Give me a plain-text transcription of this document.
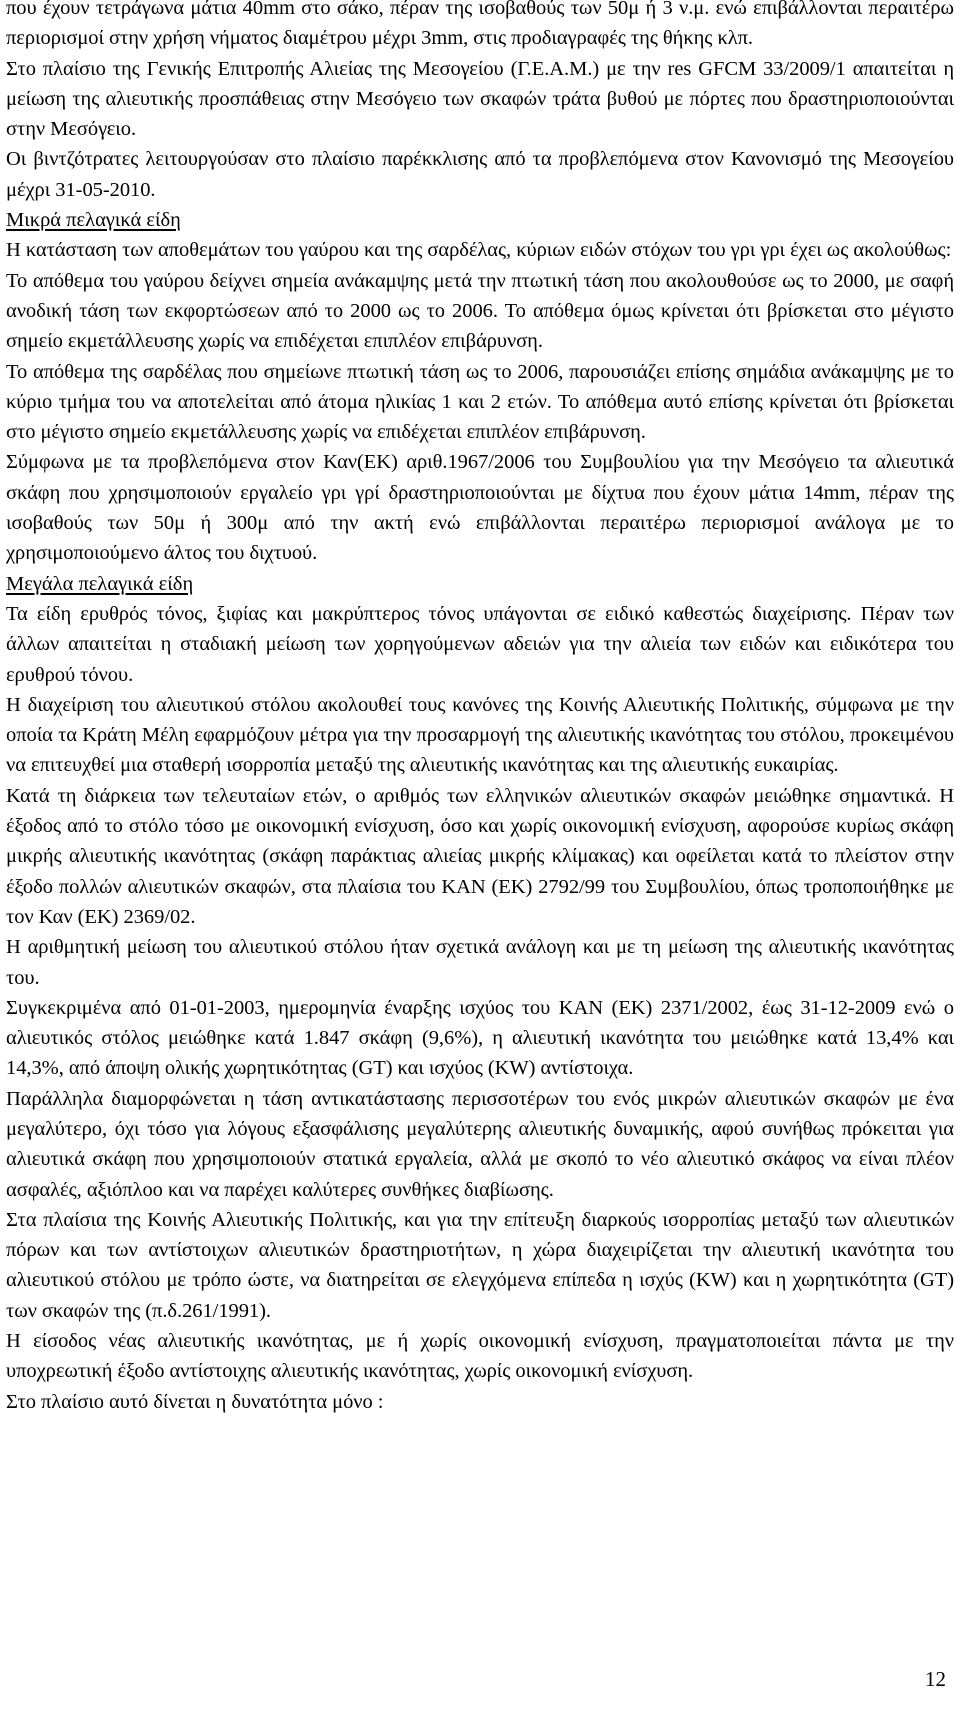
που έχουν τετράγωνα μάτια 40mm στο σάκο, πέραν της ισοβαθούς των 50μ ή 3 ν.μ. ενώ επιβάλλονται περαιτέρω περιορισμοί στην χρήση νήματος διαμέτρου μέχρι 3mm, στις προδιαγραφές της θήκης κλπ.

Στο πλαίσιο της Γενικής Επιτροπής Αλιείας της Μεσογείου (Γ.Ε.Α.Μ.) με την res GFCM 33/2009/1 απαιτείται η μείωση της αλιευτικής προσπάθειας στην Μεσόγειο των σκαφών τράτα βυθού με πόρτες που δραστηριοποιούνται στην Μεσόγειο.

Οι βιντζότρατες λειτουργούσαν στο πλαίσιο παρέκκλισης από τα προβλεπόμενα στον Κανονισμό της Μεσογείου μέχρι 31-05-2010.

Μικρά πελαγικά είδη

Η κατάσταση των αποθεμάτων του γαύρου και της σαρδέλας, κύριων ειδών στόχων του γρι γρι έχει ως ακολούθως:

Το απόθεμα του γαύρου δείχνει σημεία ανάκαμψης μετά την πτωτική τάση που ακολουθούσε ως το 2000, με σαφή ανοδική τάση των εκφορτώσεων από το 2000 ως το 2006. Το απόθεμα όμως κρίνεται ότι βρίσκεται στο μέγιστο σημείο εκμετάλλευσης χωρίς να επιδέχεται επιπλέον επιβάρυνση.

Το απόθεμα της σαρδέλας που σημείωνε πτωτική τάση ως το 2006, παρουσιάζει επίσης σημάδια ανάκαμψης με το κύριο τμήμα του να αποτελείται από άτομα ηλικίας 1 και 2 ετών. Το απόθεμα αυτό επίσης κρίνεται ότι βρίσκεται στο μέγιστο σημείο εκμετάλλευσης χωρίς να επιδέχεται επιπλέον επιβάρυνση.

Σύμφωνα με τα προβλεπόμενα στον Καν(ΕΚ) αριθ.1967/2006 του Συμβουλίου για την Μεσόγειο τα αλιευτικά σκάφη που χρησιμοποιούν εργαλείο γρι γρί δραστηριοποιούνται με δίχτυα που έχουν μάτια 14mm, πέραν της ισοβαθούς των 50μ ή 300μ από την ακτή ενώ επιβάλλονται περαιτέρω περιορισμοί ανάλογα με το χρησιμοποιούμενο άλτος του διχτυού.

Μεγάλα πελαγικά είδη

Τα είδη ερυθρός τόνος, ξιφίας και μακρύπτερος τόνος υπάγονται σε ειδικό καθεστώς διαχείρισης. Πέραν των άλλων απαιτείται η σταδιακή μείωση των χορηγούμενων αδειών για την αλιεία των ειδών και ειδικότερα του ερυθρού τόνου.

Η διαχείριση του αλιευτικού στόλου ακολουθεί τους κανόνες της Κοινής Αλιευτικής Πολιτικής, σύμφωνα με την οποία τα Κράτη Μέλη εφαρμόζουν μέτρα για την προσαρμογή της αλιευτικής ικανότητας του στόλου, προκειμένου να επιτευχθεί μια σταθερή ισορροπία μεταξύ της αλιευτικής ικανότητας και της αλιευτικής ευκαιρίας.

Κατά τη διάρκεια των τελευταίων ετών, ο αριθμός των ελληνικών αλιευτικών σκαφών μειώθηκε σημαντικά. Η έξοδος από το στόλο τόσο με οικονομική ενίσχυση, όσο και χωρίς οικονομική ενίσχυση, αφορούσε κυρίως σκάφη μικρής αλιευτικής ικανότητας (σκάφη παράκτιας αλιείας μικρής κλίμακας) και οφείλεται κατά το πλείστον στην έξοδο πολλών αλιευτικών σκαφών, στα πλαίσια του ΚΑΝ (ΕΚ) 2792/99 του Συμβουλίου, όπως τροποποιήθηκε με τον Καν (ΕΚ) 2369/02.

Η αριθμητική μείωση του αλιευτικού στόλου ήταν σχετικά ανάλογη και με τη μείωση της αλιευτικής ικανότητας του.

Συγκεκριμένα από 01-01-2003, ημερομηνία έναρξης ισχύος του ΚΑΝ (ΕΚ) 2371/2002, έως 31-12-2009 ενώ ο αλιευτικός στόλος μειώθηκε κατά 1.847 σκάφη (9,6%), η αλιευτική ικανότητα του μειώθηκε κατά 13,4% και 14,3%, από άποψη ολικής χωρητικότητας (GT) και ισχύος (KW) αντίστοιχα.

Παράλληλα διαμορφώνεται η τάση αντικατάστασης περισσοτέρων του ενός μικρών αλιευτικών σκαφών με ένα μεγαλύτερο, όχι τόσο για λόγους εξασφάλισης μεγαλύτερης αλιευτικής δυναμικής, αφού συνήθως πρόκειται για αλιευτικά σκάφη που χρησιμοποιούν στατικά εργαλεία, αλλά με σκοπό το νέο αλιευτικό σκάφος να είναι πλέον ασφαλές, αξιόπλοο και να παρέχει καλύτερες συνθήκες διαβίωσης.

Στα πλαίσια της Κοινής Αλιευτικής Πολιτικής, και για την επίτευξη διαρκούς ισορροπίας μεταξύ των αλιευτικών πόρων και των αντίστοιχων αλιευτικών δραστηριοτήτων, η χώρα διαχειρίζεται την αλιευτική ικανότητα του αλιευτικού στόλου με τρόπο ώστε, να διατηρείται σε ελεγχόμενα επίπεδα η ισχύς (KW) και η χωρητικότητα (GT) των σκαφών της (π.δ.261/1991).

Η είσοδος νέας αλιευτικής ικανότητας, με ή χωρίς οικονομική ενίσχυση, πραγματοποιείται πάντα με την υποχρεωτική έξοδο αντίστοιχης αλιευτικής ικανότητας, χωρίς οικονομική ενίσχυση.

Στο πλαίσιο αυτό δίνεται η δυνατότητα μόνο :

12
